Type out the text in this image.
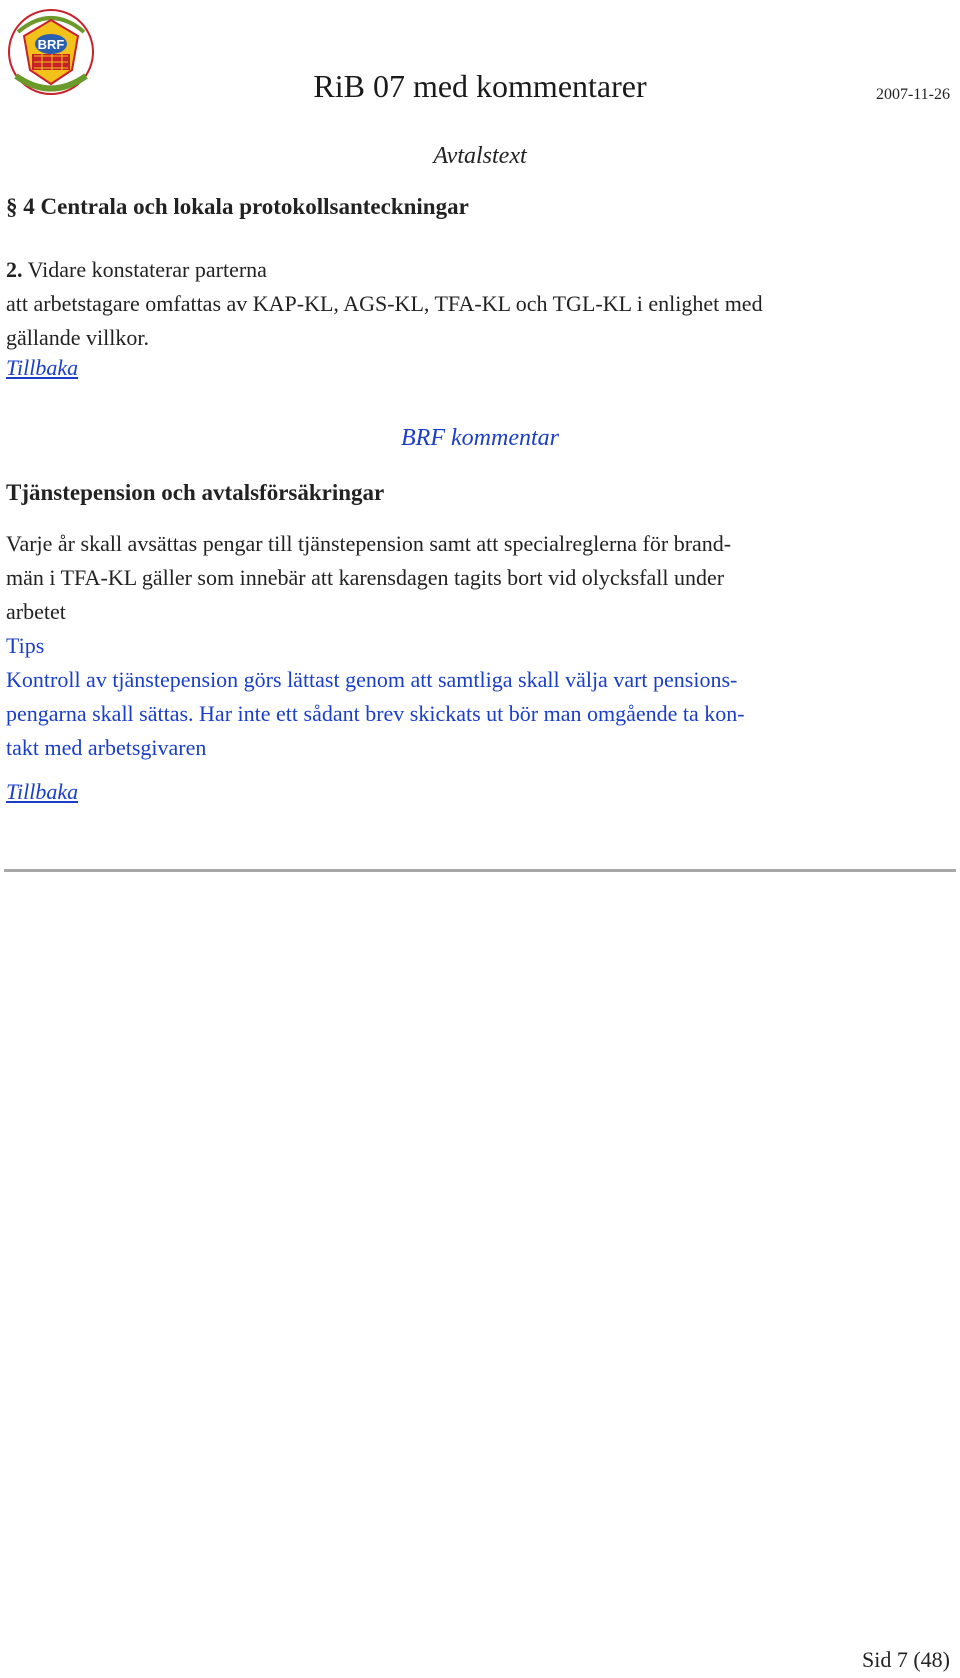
BRF
RiB 07 med kommentarer	2007-11-26
Avtalstext
§ 4 Centrala och lokala protokollsanteckningar
2. Vidare konstaterar parterna
att arbetstagare omfattas av KAP-KL, AGS-KL, TFA-KL och TGL-KL i enlighet med
gällande villkor.
Tillbaka
BRF kommentar
Tjänstepension och avtalsförsäkringar
Varje år skall avsättas pengar till tjänstepension samt att specialreglerna för brand-
män i TFA-KL gäller som innebär att karensdagen tagits bort vid olycksfall under
arbetet
Tips
Kontroll av tjänstepension görs lättast genom att samtliga skall välja vart pensions-
pengarna skall sättas. Har inte ett sådant brev skickats ut bör man omgående ta kon-
takt med arbetsgivaren
Tillbaka
Sid 7 (48)
